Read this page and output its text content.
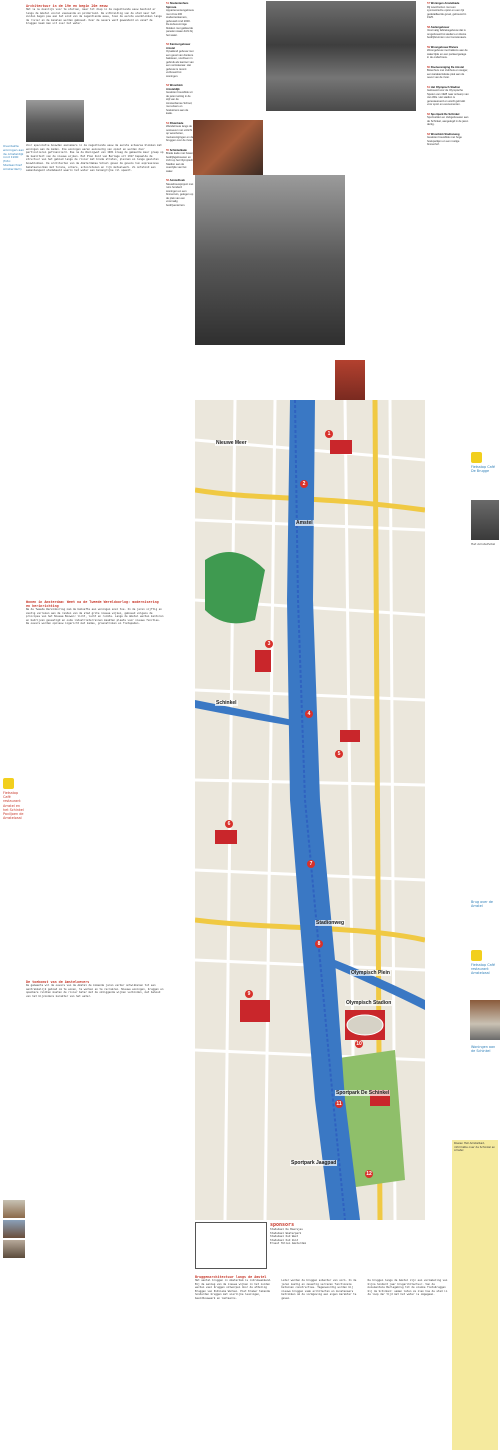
Architectuur in de 19e en begin 20e eeuw
Het is nu moeilijk voor te stellen, maar tot diep in de negentiende eeuw bestond er langs de Amstel vooral veenweide en polderland. De uitbreiding van de stad naar het zuiden begon pas aan het eind van de negentiende eeuw, toen de eerste woonblokken langs de rivier en de kanalen werden gebouwd. Over de oevers werd gewandeld en vanaf de bruggen keek men uit over het water.
Overdekte woningen aan de Amsteldijk rond 1900 (foto: Stadsarchief Amsterdam)
Voor speculatie bouwden aannemers in de negentiende eeuw de eerste schaarse blokken met woningen aan de kaden. Die woningen waren eenvoudig van opzet en werden door particulieren gefinancierd. Pas na de Woningwet van 1901 kreeg de gemeente meer greep op de kwaliteit van de nieuwe wijken. Het Plan Zuid van Berlage uit 1917 bepaalde de structuur van het gebied langs de rivier met brede straten, pleinen en lange gesloten bouwblokken. De architecten van de Amsterdamse School gaven de gevels hun expressieve baksteenvormen met torens, erkers, schoorstenen en rijk metselwerk. Zo ontstond een samenhangend stadsbeeld waarin het water een belangrijke rol speelt.
Wonen in Amsterdam: Weet na de Tweede Wereldoorlog: modernisering en herinrichting
Na de Tweede Wereldoorlog nam de behoefte aan woningen snel toe. In de jaren vijftig en zestig verrezen aan de randen van de stad grote nieuwe wijken, gebouwd volgens de principes van het Nieuwe Bouwen: licht, lucht en ruimte. Langs de Amstel werden kantoren en bedrijven gevestigd en oude industrieterreinen maakten plaats voor nieuwe functies. De oevers werden opnieuw ingericht met kades, groenstroken en fietspaden.
De toekomst van de Amsteloevers
De gemeente wil de oevers van de Amstel de komende jaren verder ontwikkelen tot een aantrekkelijk gebied om te wonen, te werken en te recreëren. Nieuwe woningen, bruggen en openbare ruimten moeten de rivier beter met de omliggende wijken verbinden, met behoud van het bijzondere karakter van het water.
Fietsstop Café restaurant Amstel en het Schinkel Paviljoen de Amstelzaal
51 Studentenhuis Spinoza
Appartementengebouw met circa 200 studentenkamers, gebouwd rond 2000. De kubusvormige blokken met gekleurde panelen staan dicht bij het water.
52 Kantoorgebouw Amstel
Opvallend gebouw met een gevel van donkere baksteen, voorheen in gebruik als kantoor van een verzekeraar. Het gebouw is recent verbouwd tot woningen.
53 Woonblok Amsteldijk
Gesloten bouwblok uit de jaren twintig in de stijl van de Amsterdamse School, met erkers en hoektorens aan de kade.
54 Rivierkade
Wandelroute langs de oostoever met uitzicht op woonboten, roeiverenigingen en de bruggen over de rivier.
55 Schinkelkade
Brede kade met haven, bedrijfsgebouwen en zicht op het Olympisch Stadion aan de overzijde van het water.
56 Amstelhoek
Nieuwbouwproject met ruim honderd woningen en een binnentuin, gelegen op de plek van een voormalig bedrijventerrein.
Olympisch Stadion
Sportpark De Schinkel
Sportpark Jaagpad
Nieuwe Meer
Schinkel
Amstel
Olympisch Plein
Stadionweg
1
2
3
4
5
6
7
8
9
10
11
12
sponsors
Stadsdeel De Baarsjes
Stadsdeel Westerpark
Stadsdeel Oud West
Stadsdeel Oud Zuid
Ernest Hillen Amsterdam
57 Woningen Amstelkade
Rij woonhuizen met een symmetrische opzet en een rijk gedetailleerde gevel, gebouwd in 1925.
58 Ateliergebouw
Voormalig fabrieksgebouw dat is omgebouwd tot ateliers en kleine bedrijfsruimten voor kunstenaars.
59 Woongebouw Riviera
Woongebouw met balkons aan de waterzijde en een parkeergarage in de onderbouw.
60 Roeivereniging De Amstel
Botenhuis met clubhuis en steiger, een karakteristieke plek aan de oever van de rivier.
61 Het Olympisch Stadion
Gebouwd voor de Olympische Spelen van 1928 naar ontwerp van Jan Wils. Het stadion is gerestaureerd en wordt gebruikt voor sport en evenementen.
62 Sportpark De Schinkel
Sportvelden en clubgebouwen aan de Schinkel, aangelegd in de jaren dertig.
63 Woonblok Stadionweg
Gesloten bouwblok met hoge hoekpartijen en een rustige binnenhof.
Fietsstop Café De Brugge
Het Amstelhotel
Fietsstop Café restaurant Amstelzaal
Brug over de Amstel
Woningen aan de Schinkel
Roeien Het Amstelbad, informatie over de Schinkel en Amstel
Bruggenarchitectuur langs de Amstel
Het aantal bruggen in Amsterdam is indrukwekkend. Bij de aanleg van de nieuwe wijken in het zuiden werden veel bruggen ontworpen door de afdeling Bruggen van Publieke Werken. Piet Kramer tekende honderden bruggen met sierlijke leuningen, beeldhouwwerk en lantaarns.
Later werden de bruggen soberder van vorm. In de jaren zestig en zeventig verrezen functionele betonnen constructies. Tegenwoordig worden bij nieuwe bruggen vaak architecten en kunstenaars betrokken om de vormgeving een eigen karakter te geven.
De bruggen langs de Amstel zijn een verzameling van bijna honderd jaar brugarchitectuur. Van de monumentale Berlagebrug tot de slanke fietsbruggen bij de Schinkel: samen laten ze zien hoe de stad in de loop der tijd met het water is omgegaan.
